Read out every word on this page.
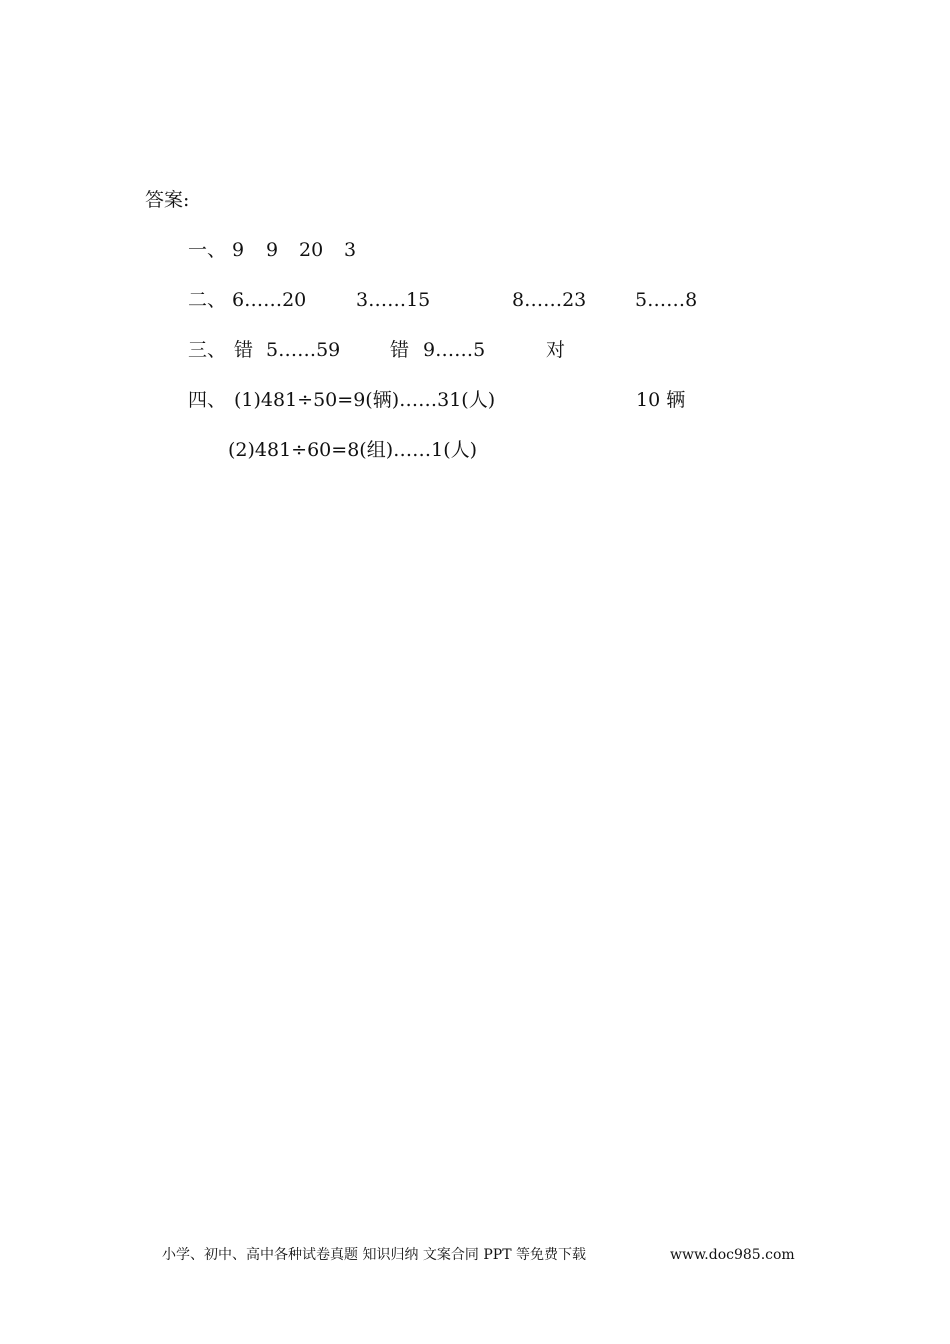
答案:
一、 9 9 20 3
二、 6……20	3……15	8……23	5……8
三、 错 5……59	错 9……5	对
四、 (1)481÷50=9(辆)……31(人)	10 辆
(2)481÷60=8(组)……1(人)
小学、初中、高中各种试卷真题 知识归纳 文案合同 PPT 等免费下载	www.doc985.com
